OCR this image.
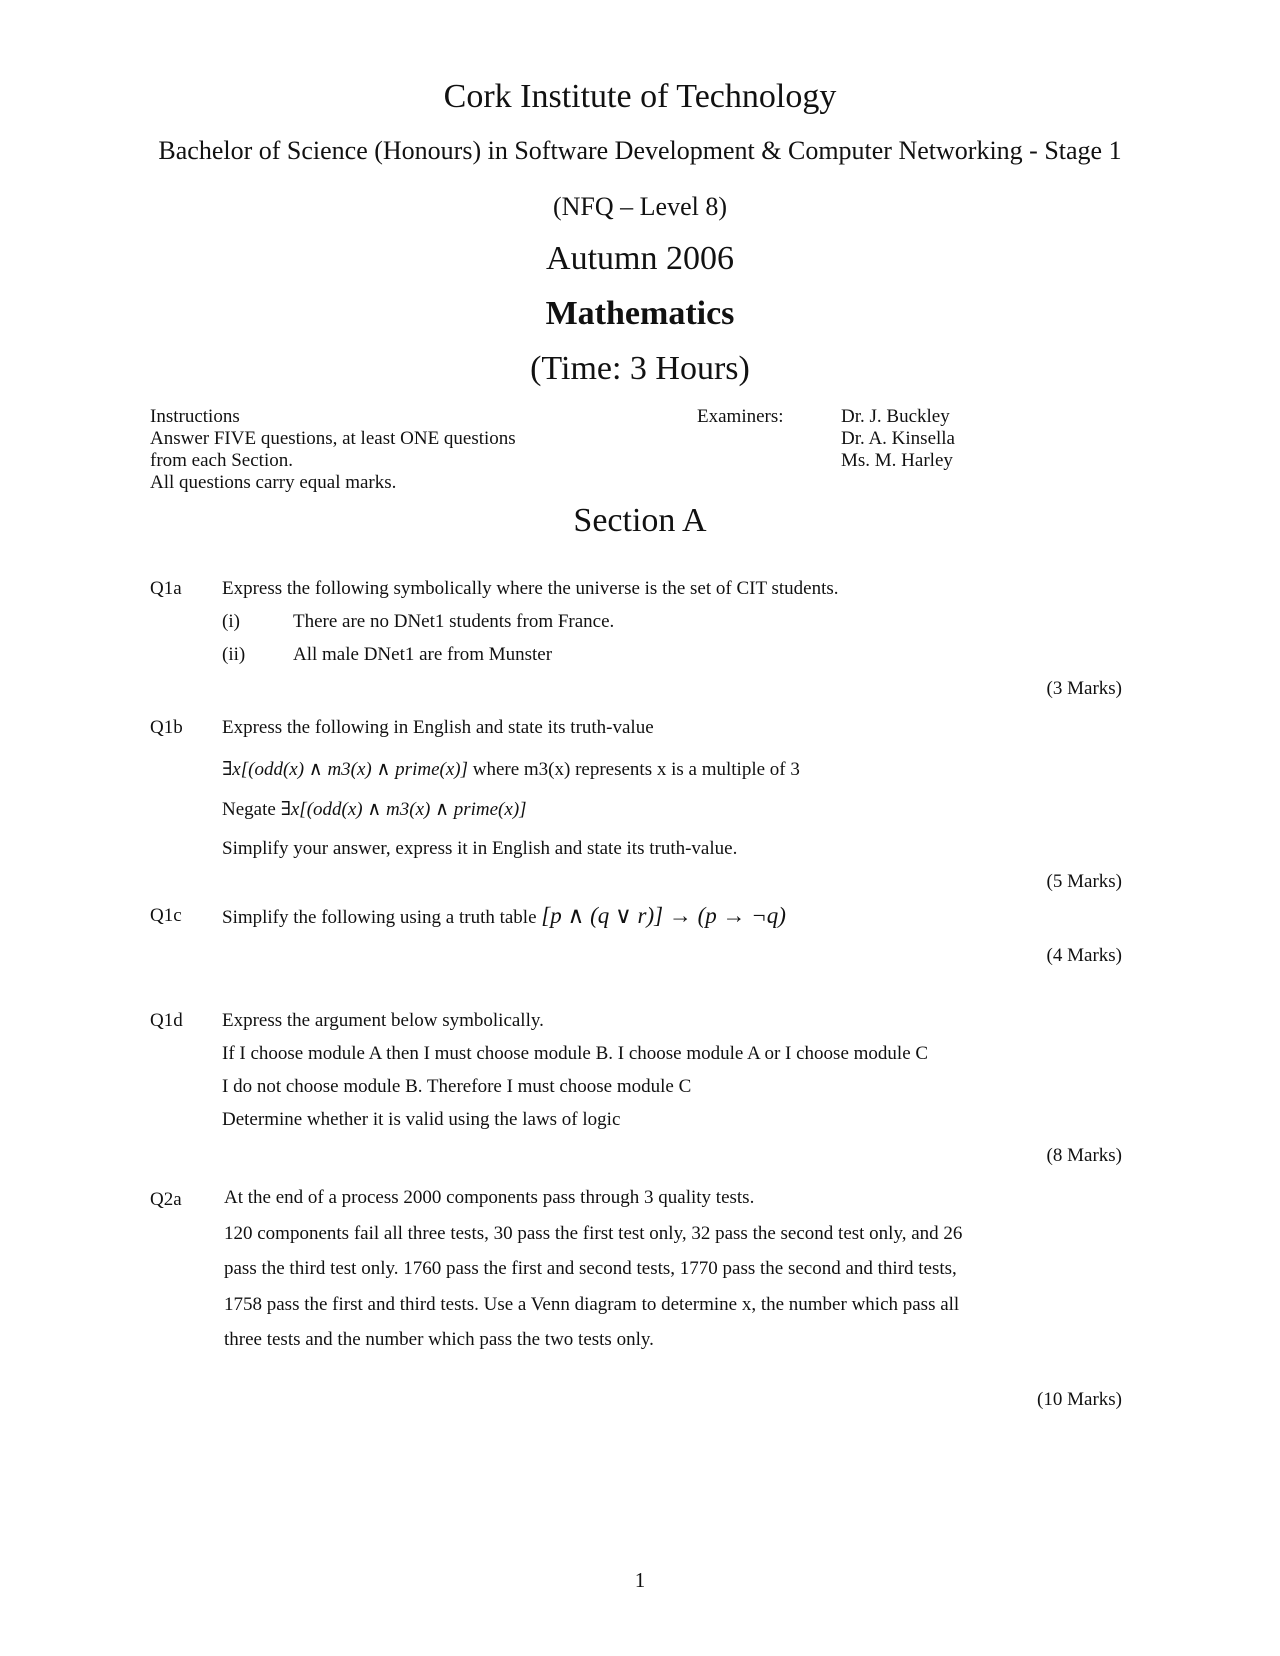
Cork Institute of Technology
Bachelor of Science (Honours) in Software Development & Computer Networking - Stage 1
(NFQ – Level 8)
Autumn 2006
Mathematics
(Time: 3 Hours)
Instructions
Answer FIVE questions, at least ONE questions
from each Section.
All questions carry equal marks.
Examiners:	Dr. J. Buckley
Dr. A. Kinsella
Ms. M. Harley
Section A
Q1a Express the following symbolically where the universe is the set of CIT students.
(i)	There are no DNet1 students from France.
(ii)	All male DNet1 are from Munster
(3 Marks)
Q1b Express the following in English and state its truth-value
∃x[(odd(x) ∧ m3(x) ∧ prime(x)] where m3(x) represents x is a multiple of 3
Negate ∃x[(odd(x) ∧ m3(x) ∧ prime(x)]
Simplify your answer, express it in English and state its truth-value.
(5 Marks)
Q1c Simplify the following using a truth table [p ∧ (q ∨ r)] → (p → ¬q)
(4 Marks)
Q1d Express the argument below symbolically.
If I choose module A then I must choose module B. I choose module A or I choose module C
I do not choose module B. Therefore I must choose module C
Determine whether it is valid using the laws of logic
(8 Marks)
Q2a At the end of a process 2000 components pass through 3 quality tests.
120 components fail all three tests, 30 pass the first test only, 32 pass the second test only, and 26
pass the third test only. 1760 pass the first and second tests, 1770 pass the second and third tests,
1758 pass the first and third tests. Use a Venn diagram to determine x, the number which pass all
three tests and the number which pass the two tests only.
(10 Marks)
1
